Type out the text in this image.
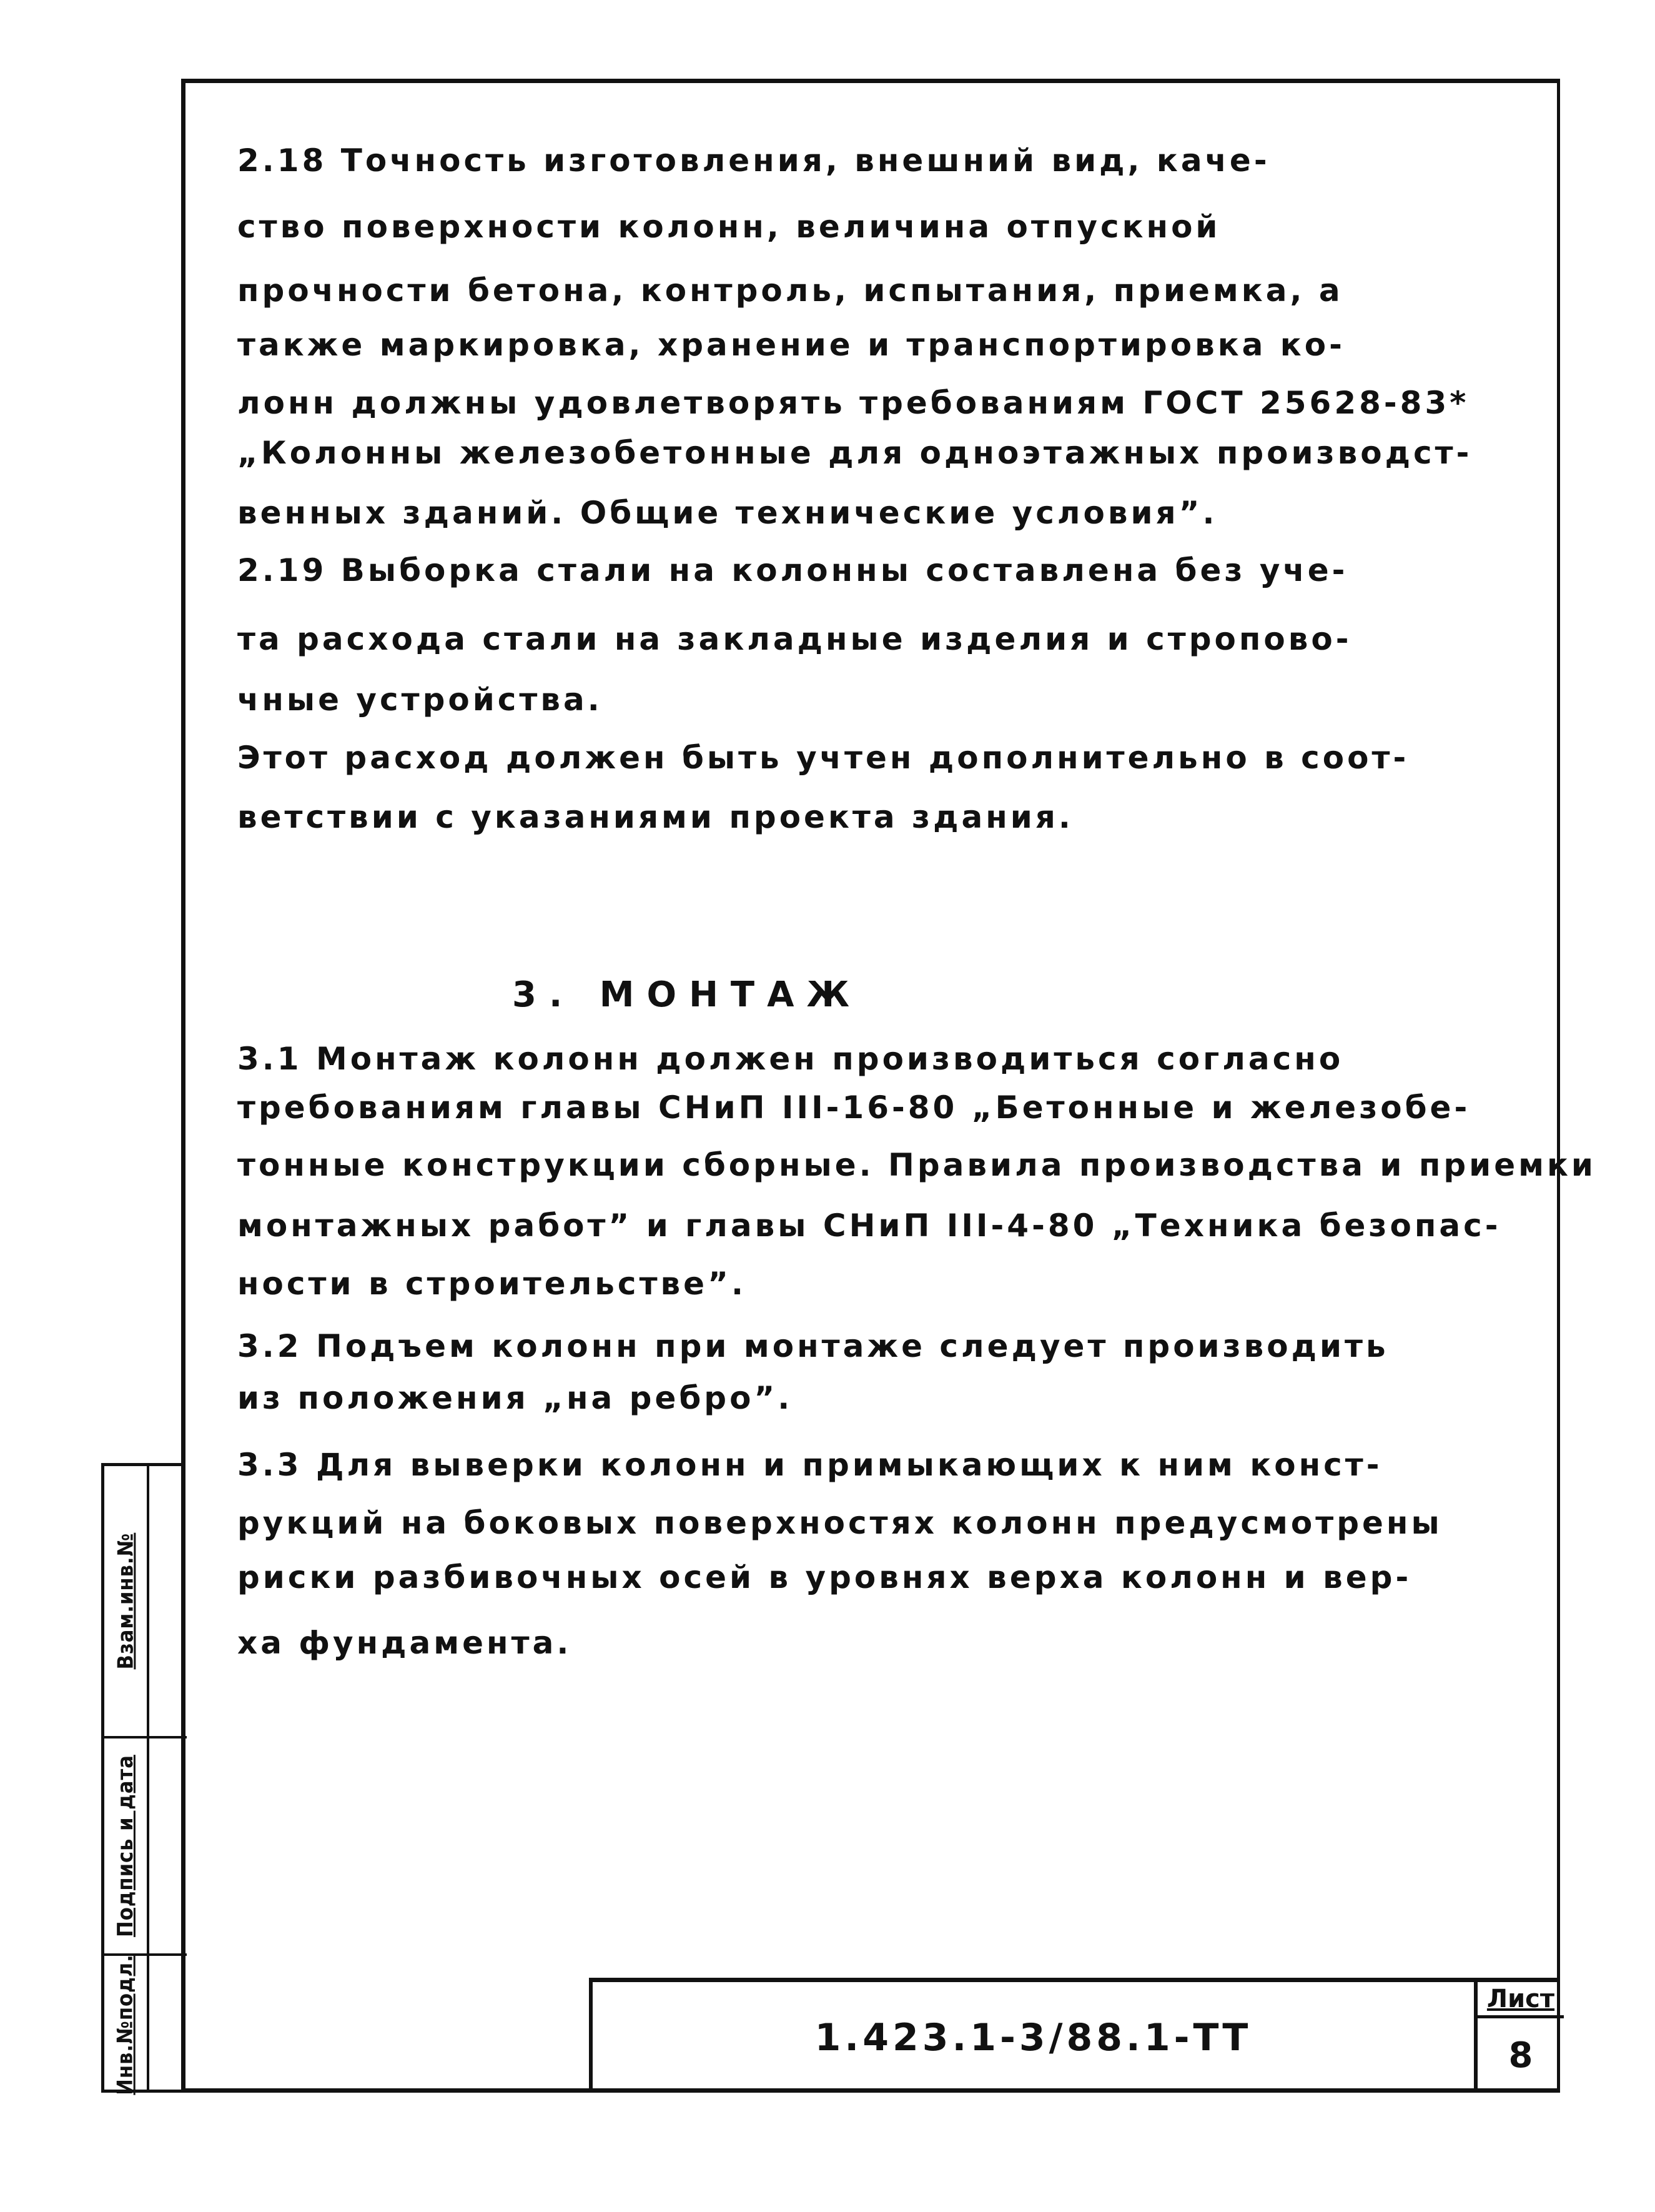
Взам.инв.№
Подпись и дата
Инв.№подл.	1.423.1-3/88.1-ТТ
Лист
8
2.18 Точность изготовления, внешний вид, каче-
ство поверхности колонн, величина отпускной
прочности бетона, контроль, испытания, приемка, а
также маркировка, хранение и транспортировка ко-
лонн должны удовлетворять требованиям ГОСТ 25628-83*
„Колонны железобетонные для одноэтажных производст-
венных зданий. Общие технические условия”.
2.19 Выборка стали на колонны составлена без уче-
та расхода стали на закладные изделия и стропово-
чные устройства.
Этот расход должен быть учтен дополнительно в соот-
ветствии с указаниями проекта здания.
3. МОНТАЖ
3.1 Монтаж колонн должен производиться согласно
требованиям главы СНиП III-16-80 „Бетонные и железобе-
тонные конструкции сборные. Правила производства и приемки
монтажных работ” и главы СНиП III-4-80 „Техника безопас-
ности в строительстве”.
3.2 Подъем колонн при монтаже следует производить
из положения „на ребро”.
3.3 Для выверки колонн и примыкающих к ним конст-
рукций на боковых поверхностях колонн предусмотрены
риски разбивочных осей в уровнях верха колонн и вер-
ха фундамента.
